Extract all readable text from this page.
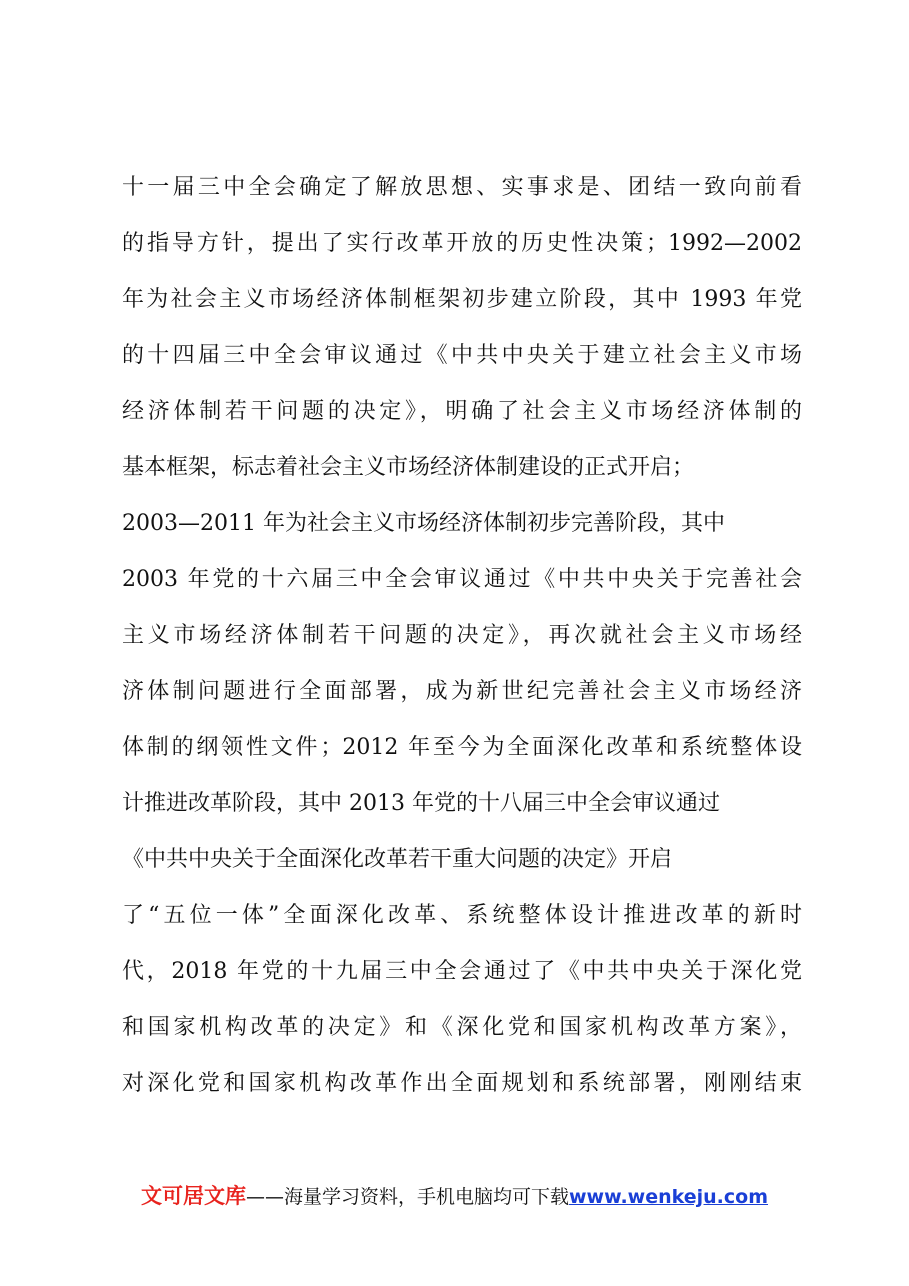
十一届三中全会确定了解放思想、实事求是、团结一致向前看
的指导方针，提出了实行改革开放的历史性决策；1992—2002
年为社会主义市场经济体制框架初步建立阶段，其中 1993 年党
的十四届三中全会审议通过《中共中央关于建立社会主义市场
经济体制若干问题的决定》，明确了社会主义市场经济体制的
基本框架，标志着社会主义市场经济体制建设的正式开启；
2003—2011 年为社会主义市场经济体制初步完善阶段，其中
2003 年党的十六届三中全会审议通过《中共中央关于完善社会
主义市场经济体制若干问题的决定》，再次就社会主义市场经
济体制问题进行全面部署，成为新世纪完善社会主义市场经济
体制的纲领性文件；2012 年至今为全面深化改革和系统整体设
计推进改革阶段，其中 2013 年党的十八届三中全会审议通过
《中共中央关于全面深化改革若干重大问题的决定》开启
了“五位一体”全面深化改革、系统整体设计推进改革的新时
代，2018 年党的十九届三中全会通过了《中共中央关于深化党
和国家机构改革的决定》和《深化党和国家机构改革方案》，
对深化党和国家机构改革作出全面规划和系统部署，刚刚结束
文可居文库——海量学习资料，手机电脑均可下载www.wenkeju.com
